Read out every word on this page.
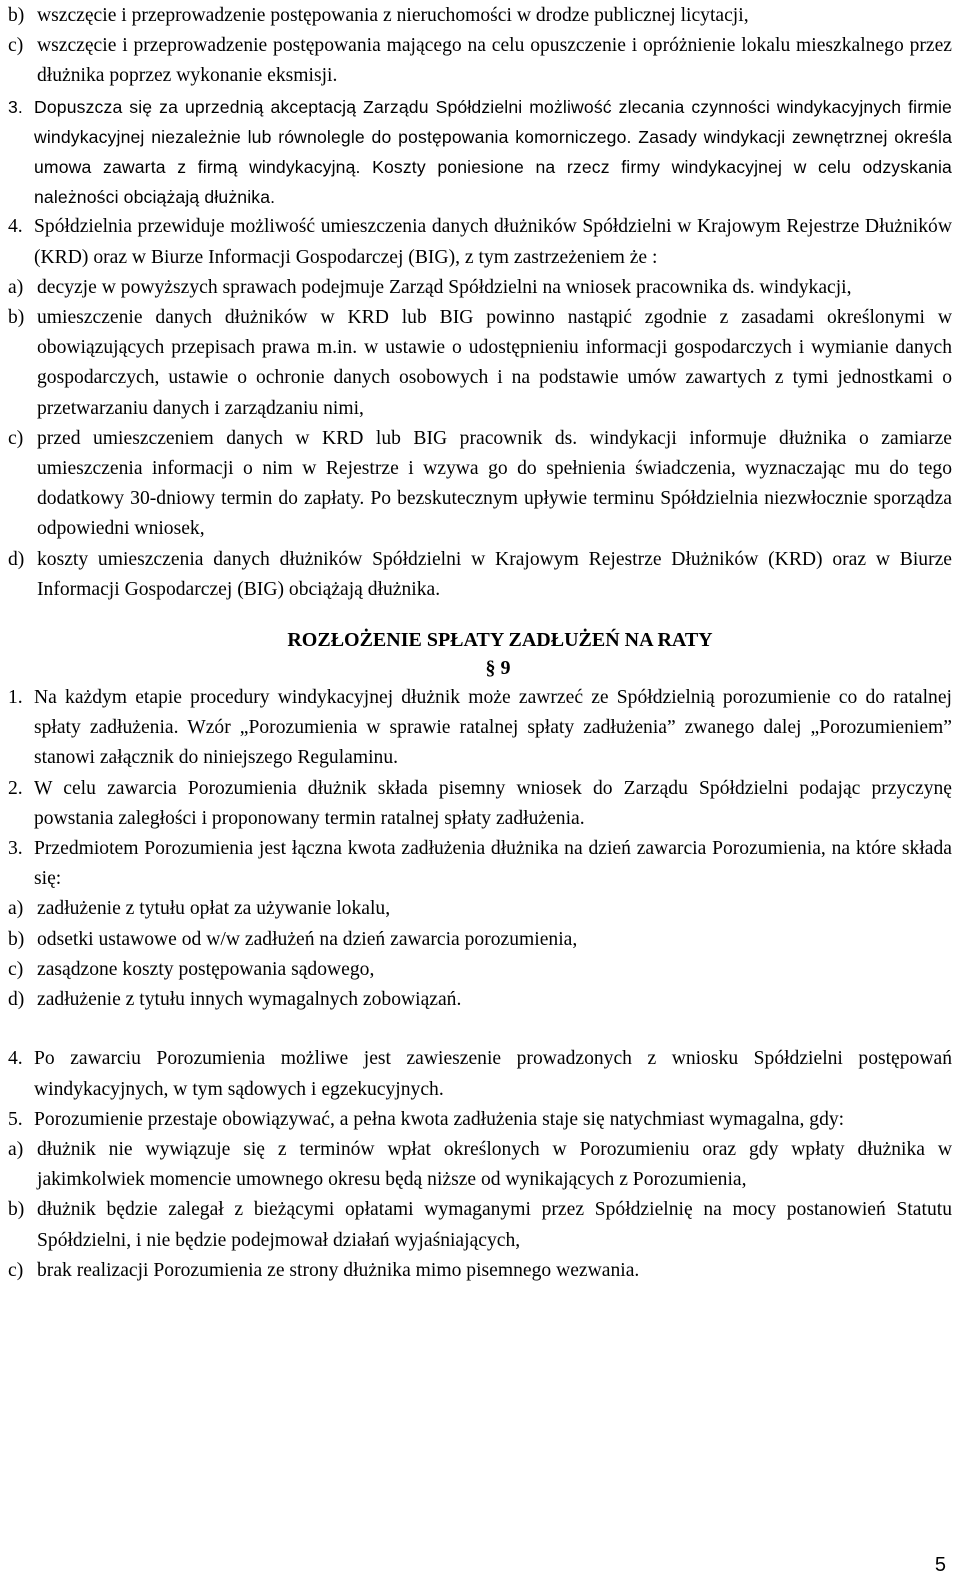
b) wszczęcie i przeprowadzenie postępowania z nieruchomości w drodze publicznej licytacji,
c) wszczęcie i przeprowadzenie postępowania mającego na celu opuszczenie i opróżnienie lokalu mieszkalnego przez dłużnika poprzez wykonanie eksmisji.
3. Dopuszcza się za uprzednią akceptacją Zarządu Spółdzielni możliwość zlecania czynności windykacyjnych firmie windykacyjnej niezależnie lub równolegle do postępowania komorniczego. Zasady windykacji zewnętrznej określa umowa zawarta z firmą windykacyjną. Koszty poniesione na rzecz firmy windykacyjnej w celu odzyskania należności obciążają dłużnika.
4. Spółdzielnia przewiduje możliwość umieszczenia danych dłużników Spółdzielni w Krajowym Rejestrze Dłużników (KRD) oraz w Biurze Informacji Gospodarczej (BIG), z tym zastrzeżeniem że :
a) decyzje w powyższych sprawach podejmuje Zarząd Spółdzielni na wniosek pracownika ds. windykacji,
b) umieszczenie danych dłużników w KRD lub BIG powinno nastąpić zgodnie z zasadami określonymi w obowiązujących przepisach prawa m.in. w ustawie o udostępnieniu informacji gospodarczych i wymianie danych gospodarczych, ustawie o ochronie danych osobowych i na podstawie umów zawartych z tymi jednostkami o przetwarzaniu danych i zarządzaniu nimi,
c) przed umieszczeniem danych w KRD lub BIG pracownik ds. windykacji informuje dłużnika o zamiarze umieszczenia informacji o nim w Rejestrze i wzywa go do spełnienia świadczenia, wyznaczając mu do tego dodatkowy 30-dniowy termin do zapłaty. Po bezskutecznym upływie terminu Spółdzielnia niezwłocznie sporządza odpowiedni wniosek,
d) koszty umieszczenia danych dłużników Spółdzielni w Krajowym Rejestrze Dłużników (KRD) oraz w Biurze Informacji Gospodarczej (BIG) obciążają dłużnika.
ROZŁOŻENIE SPŁATY ZADŁUŻEŃ NA RATY
§ 9
1. Na każdym etapie procedury windykacyjnej dłużnik może zawrzeć ze Spółdzielnią porozumienie co do ratalnej spłaty zadłużenia. Wzór „Porozumienia w sprawie ratalnej spłaty zadłużenia” zwanego dalej „Porozumieniem” stanowi załącznik do niniejszego Regulaminu.
2. W celu zawarcia Porozumienia dłużnik składa pisemny wniosek do Zarządu Spółdzielni podając przyczynę powstania zaległości i proponowany termin ratalnej spłaty zadłużenia.
3. Przedmiotem Porozumienia jest łączna kwota zadłużenia dłużnika na dzień zawarcia Porozumienia, na które składa się:
a) zadłużenie z tytułu opłat za używanie lokalu,
b) odsetki ustawowe od w/w zadłużeń na dzień zawarcia porozumienia,
c) zasądzone koszty postępowania sądowego,
d) zadłużenie z tytułu innych wymagalnych zobowiązań.
4. Po zawarciu Porozumienia możliwe jest zawieszenie prowadzonych z wniosku Spółdzielni postępowań windykacyjnych, w tym sądowych i egzekucyjnych.
5. Porozumienie przestaje obowiązywać, a pełna kwota zadłużenia staje się natychmiast wymagalna, gdy:
a) dłużnik nie wywiązuje się z terminów wpłat określonych w Porozumieniu oraz gdy wpłaty dłużnika w jakimkolwiek momencie umownego okresu będą niższe od wynikających z Porozumienia,
b) dłużnik będzie zalegał z bieżącymi opłatami wymaganymi przez Spółdzielnię na mocy postanowień Statutu Spółdzielni, i nie będzie podejmował działań wyjaśniających,
c) brak realizacji Porozumienia ze strony dłużnika mimo pisemnego wezwania.
5
